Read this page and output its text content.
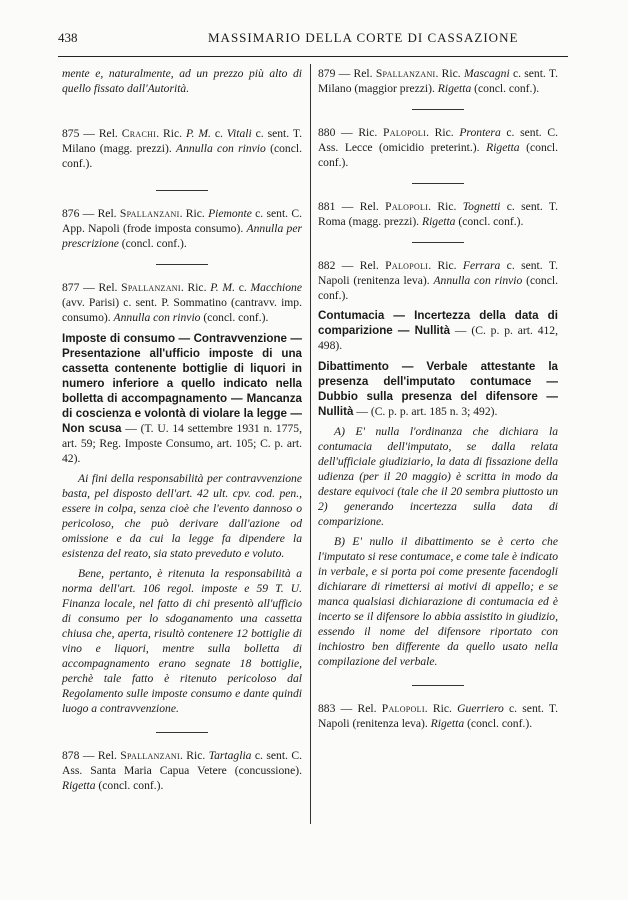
438	MASSIMARIO DELLA CORTE DI CASSAZIONE

mente e, naturalmente, ad un prezzo più alto di quello fissato dall'Autorità.

875 — Rel. Crachi. Ric. P. M. c. Vitali c. sent. T. Milano (magg. prezzi). Annulla con rinvio (concl. conf.).

876 — Rel. Spallanzani. Ric. Piemonte c. sent. C. App. Napoli (frode imposta consumo). Annulla per prescrizione (concl. conf.).

877 — Rel. Spallanzani. Ric. P. M. c. Macchione (avv. Parisi) c. sent. P. Sommatino (cantravv. imp. consumo). Annulla con rinvio (concl. conf.).

Imposte di consumo — Contravvenzione — Presentazione all'ufficio imposte di una cassetta contenente bottiglie di liquori in numero inferiore a quello indicato nella bolletta di accompagnamento — Mancanza di coscienza e volontà di violare la legge — Non scusa — (T. U. 14 settembre 1931 n. 1775, art. 59; Reg. Imposte Consumo, art. 105; C. p. art. 42).

Ai fini della responsabilità per contravvenzione basta, pel disposto dell'art. 42 ult. cpv. cod. pen., essere in colpa, senza cioè che l'evento dannoso o pericoloso, che può derivare dall'azione od omissione e da cui la legge fa dipendere la esistenza del reato, sia stato preveduto e voluto.

Bene, pertanto, è ritenuta la responsabilità a norma dell'art. 106 regol. imposte e 59 T. U. Finanza locale, nel fatto di chi presentò all'ufficio di consumo per lo sdoganamento una cassetta chiusa che, aperta, risultò contenere 12 bottiglie di vino e liquori, mentre sulla bolletta di accompagnamento erano segnate 18 bottiglie, perchè tale fatto è ritenuto pericoloso dal Regolamento sulle imposte consumo e dante quindi luogo a contravvenzione.

878 — Rel. Spallanzani. Ric. Tartaglia c. sent. C. Ass. Santa Maria Capua Vetere (concussione). Rigetta (concl. conf.).

879 — Rel. Spallanzani. Ric. Mascagni c. sent. T. Milano (maggior prezzi). Rigetta (concl. conf.).

880 — Ric. Palopoli. Ric. Prontera c. sent. C. Ass. Lecce (omicidio preterint.). Rigetta (concl. conf.).

881 — Rel. Palopoli. Ric. Tognetti c. sent. T. Roma (magg. prezzi). Rigetta (concl. conf.).

882 — Rel. Palopoli. Ric. Ferrara c. sent. T. Napoli (renitenza leva). Annulla con rinvio (concl. conf.).

Contumacia — Incertezza della data di comparizione — Nullità — (C. p. p. art. 412, 498).

Dibattimento — Verbale attestante la presenza dell'imputato contumace — Dubbio sulla presenza del difensore — Nullità — (C. p. p. art. 185 n. 3; 492).

A) E' nulla l'ordinanza che dichiara la contumacia dell'imputato, se dalla relata dell'ufficiale giudiziario, la data di fissazione della udienza (per il 20 maggio) è scritta in modo da destare equivoci (tale che il 20 sembra piuttosto un 2) generando incertezza sulla data di comparizione.

B) E' nullo il dibattimento se è certo che l'imputato si rese contumace, e come tale è indicato in verbale, e si porta poi come presente facendogli dichiarare di rimettersi ai motivi di appello; e se manca qualsiasi dichiarazione di contumacia ed è incerto se il difensore lo abbia assistito in giudizio, essendo il nome del difensore riportato con inchiostro ben differente da quello usato nella compilazione del verbale.

883 — Rel. Palopoli. Ric. Guerriero c. sent. T. Napoli (renitenza leva). Rigetta (concl. conf.).
